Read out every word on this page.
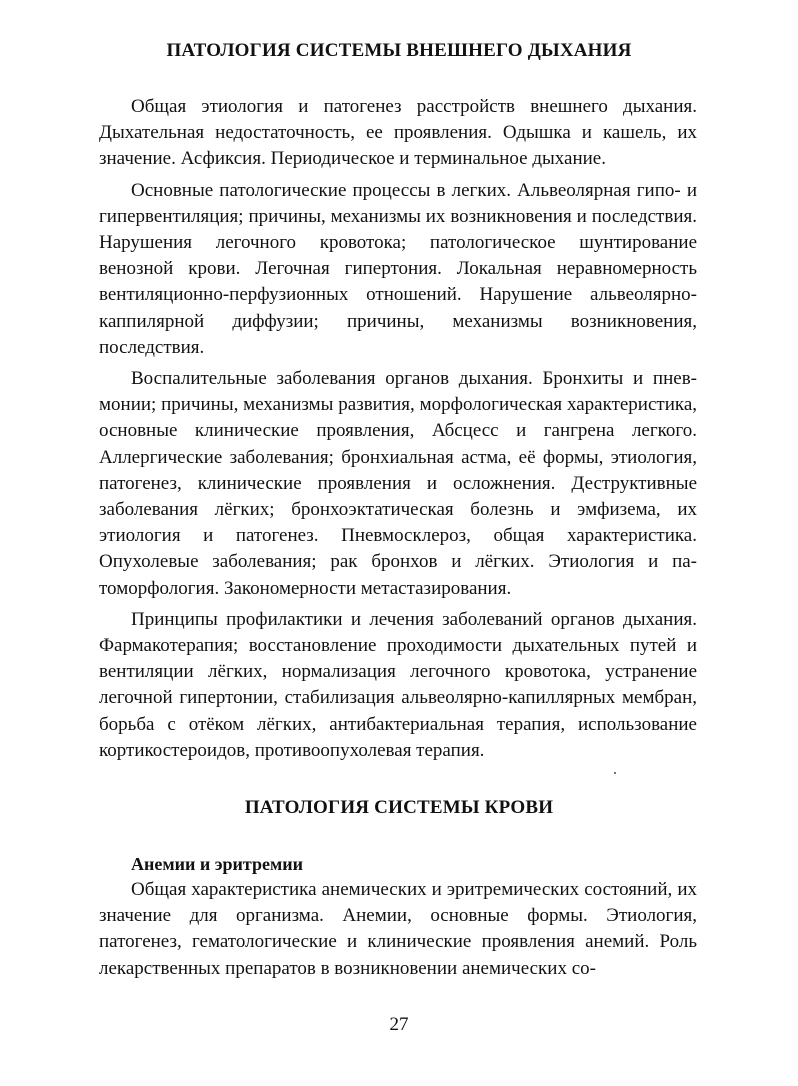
ПАТОЛОГИЯ СИСТЕМЫ ВНЕШНЕГО ДЫХАНИЯ
Общая этиология и патогенез расстройств внешнего дыхания. Дыхательная недостаточность, ее проявления. Одышка и кашель, их значение. Асфиксия. Периодическое и терминальное дыхание.
Основные патологические процессы в легких. Альвеолярная гипо- и гипервентиляция; причины, механизмы их возникновения и последствия. Нарушения легочного кровотока; патологическое шунтирование венозной крови. Легочная гипертония. Локальная неравномерность вентиляционно-перфузионных отношений. Нарушение альвеолярно-каппилярной диффузии; причины, механизмы возникновения, последствия.
Воспалительные заболевания органов дыхания. Бронхиты и пневмонии; причины, механизмы развития, морфологическая характеристика, основные клинические проявления, Абсцесс и гангрена легкого. Аллергические заболевания; бронхиальная астма, её формы, этиология, патогенез, клинические проявления и осложнения. Деструктивные заболевания лёгких; бронхоэктатическая болезнь и эмфизема, их этиология и патогенез. Пневмосклероз, общая характеристика. Опухолевые заболевания; рак бронхов и лёгких. Этиология и патоморфология. Закономерности метастазирования.
Принципы профилактики и лечения заболеваний органов дыхания. Фармакотерапия; восстановление проходимости дыхательных путей и вентиляции лёгких, нормализация легочного кровотока, устранение легочной гипертонии, стабилизация альвеолярно-капиллярных мембран, борьба с отёком лёгких, антибактериальная терапия, использование кортикостероидов, противоопухолевая терапия.
ПАТОЛОГИЯ СИСТЕМЫ КРОВИ
Анемии и эритремии
Общая характеристика анемических и эритремических состояний, их значение для организма. Анемии, основные формы. Этиология, патогенез, гематологические и клинические проявления анемий. Роль лекарственных препаратов в возникновении анемических со-
27
